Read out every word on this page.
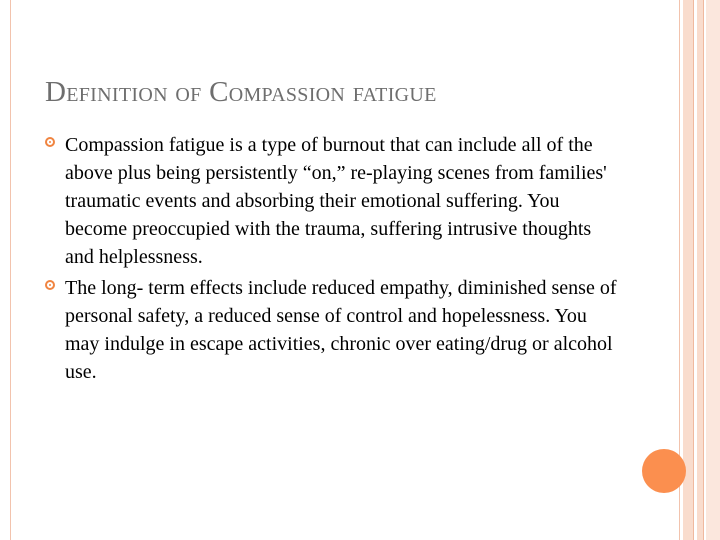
Definition of Compassion fatigue
Compassion fatigue is a type of burnout that can include all of the above plus being persistently “on,” re-playing scenes from families' traumatic events and absorbing their emotional suffering. You become preoccupied with the trauma, suffering intrusive thoughts and helplessness.
The long- term effects include reduced empathy, diminished sense of personal safety, a reduced sense of control and hopelessness. You may indulge in escape activities, chronic over eating/drug or alcohol use.
